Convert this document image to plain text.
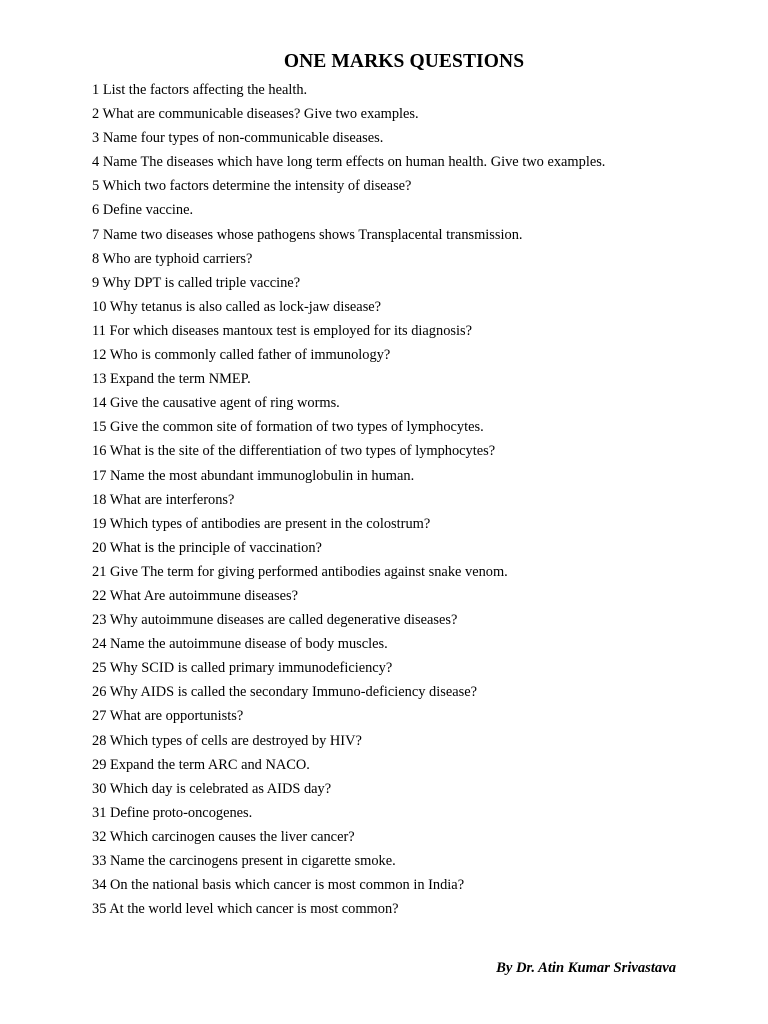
ONE MARKS QUESTIONS
1 List the factors affecting the health.
2 What are communicable diseases? Give two examples.
3 Name four types of non-communicable diseases.
4 Name The diseases which have long term effects on human health. Give two examples.
5 Which two factors determine the intensity of disease?
6 Define vaccine.
7 Name two diseases whose pathogens shows Transplacental transmission.
8 Who are typhoid carriers?
9 Why DPT is called triple vaccine?
10 Why tetanus is also called as lock-jaw disease?
11 For which diseases mantoux test is employed for its diagnosis?
12 Who is commonly called father of immunology?
13 Expand the term NMEP.
14 Give the causative agent of ring worms.
15 Give the common site of formation of two types of lymphocytes.
16 What is the site of the differentiation of two types of lymphocytes?
17 Name the most abundant immunoglobulin in human.
18 What are interferons?
19 Which types of antibodies are present in the colostrum?
20 What is the principle of vaccination?
21 Give The term for giving performed antibodies against snake venom.
22 What Are autoimmune diseases?
23 Why autoimmune diseases are called degenerative diseases?
24 Name the autoimmune disease of body muscles.
25 Why SCID is called primary immunodeficiency?
26 Why AIDS is called the secondary Immuno-deficiency disease?
27 What are opportunists?
28 Which types of cells are destroyed by HIV?
29 Expand the term ARC and NACO.
30 Which day is celebrated as AIDS day?
31 Define proto-oncogenes.
32 Which carcinogen causes the liver cancer?
33 Name the carcinogens present in cigarette smoke.
34 On the national basis which cancer is most common in India?
35 At the world level which cancer is most common?
By Dr. Atin Kumar Srivastava
